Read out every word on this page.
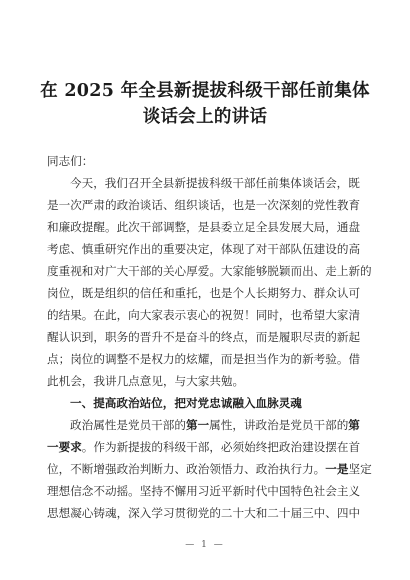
在 2025 年全县新提拔科级干部任前集体
谈话会上的讲话
同志们：
今天，我们召开全县新提拔科级干部任前集体谈话会，既
是一次严肃的政治谈话、组织谈话，也是一次深刻的党性教育
和廉政提醒。此次干部调整，是县委立足全县发展大局，通盘
考虑、慎重研究作出的重要决定，体现了对干部队伍建设的高
度重视和对广大干部的关心厚爱。大家能够脱颖而出、走上新的
岗位，既是组织的信任和重托，也是个人长期努力、群众认可
的结果。在此，向大家表示衷心的祝贺！同时，也希望大家清
醒认识到，职务的晋升不是奋斗的终点，而是履职尽责的新起
点；岗位的调整不是权力的炫耀，而是担当作为的新考验。借
此机会，我讲几点意见，与大家共勉。
一、提高政治站位，把对党忠诚融入血脉灵魂
政治属性是党员干部的第一属性，讲政治是党员干部的第
一要求。作为新提拔的科级干部，必须始终把政治建设摆在首
位，不断增强政治判断力、政治领悟力、政治执行力。一是坚定
理想信念不动摇。坚持不懈用习近平新时代中国特色社会主义
思想凝心铸魂，深入学习贯彻党的二十大和二十届三中、四中
— 1 —
